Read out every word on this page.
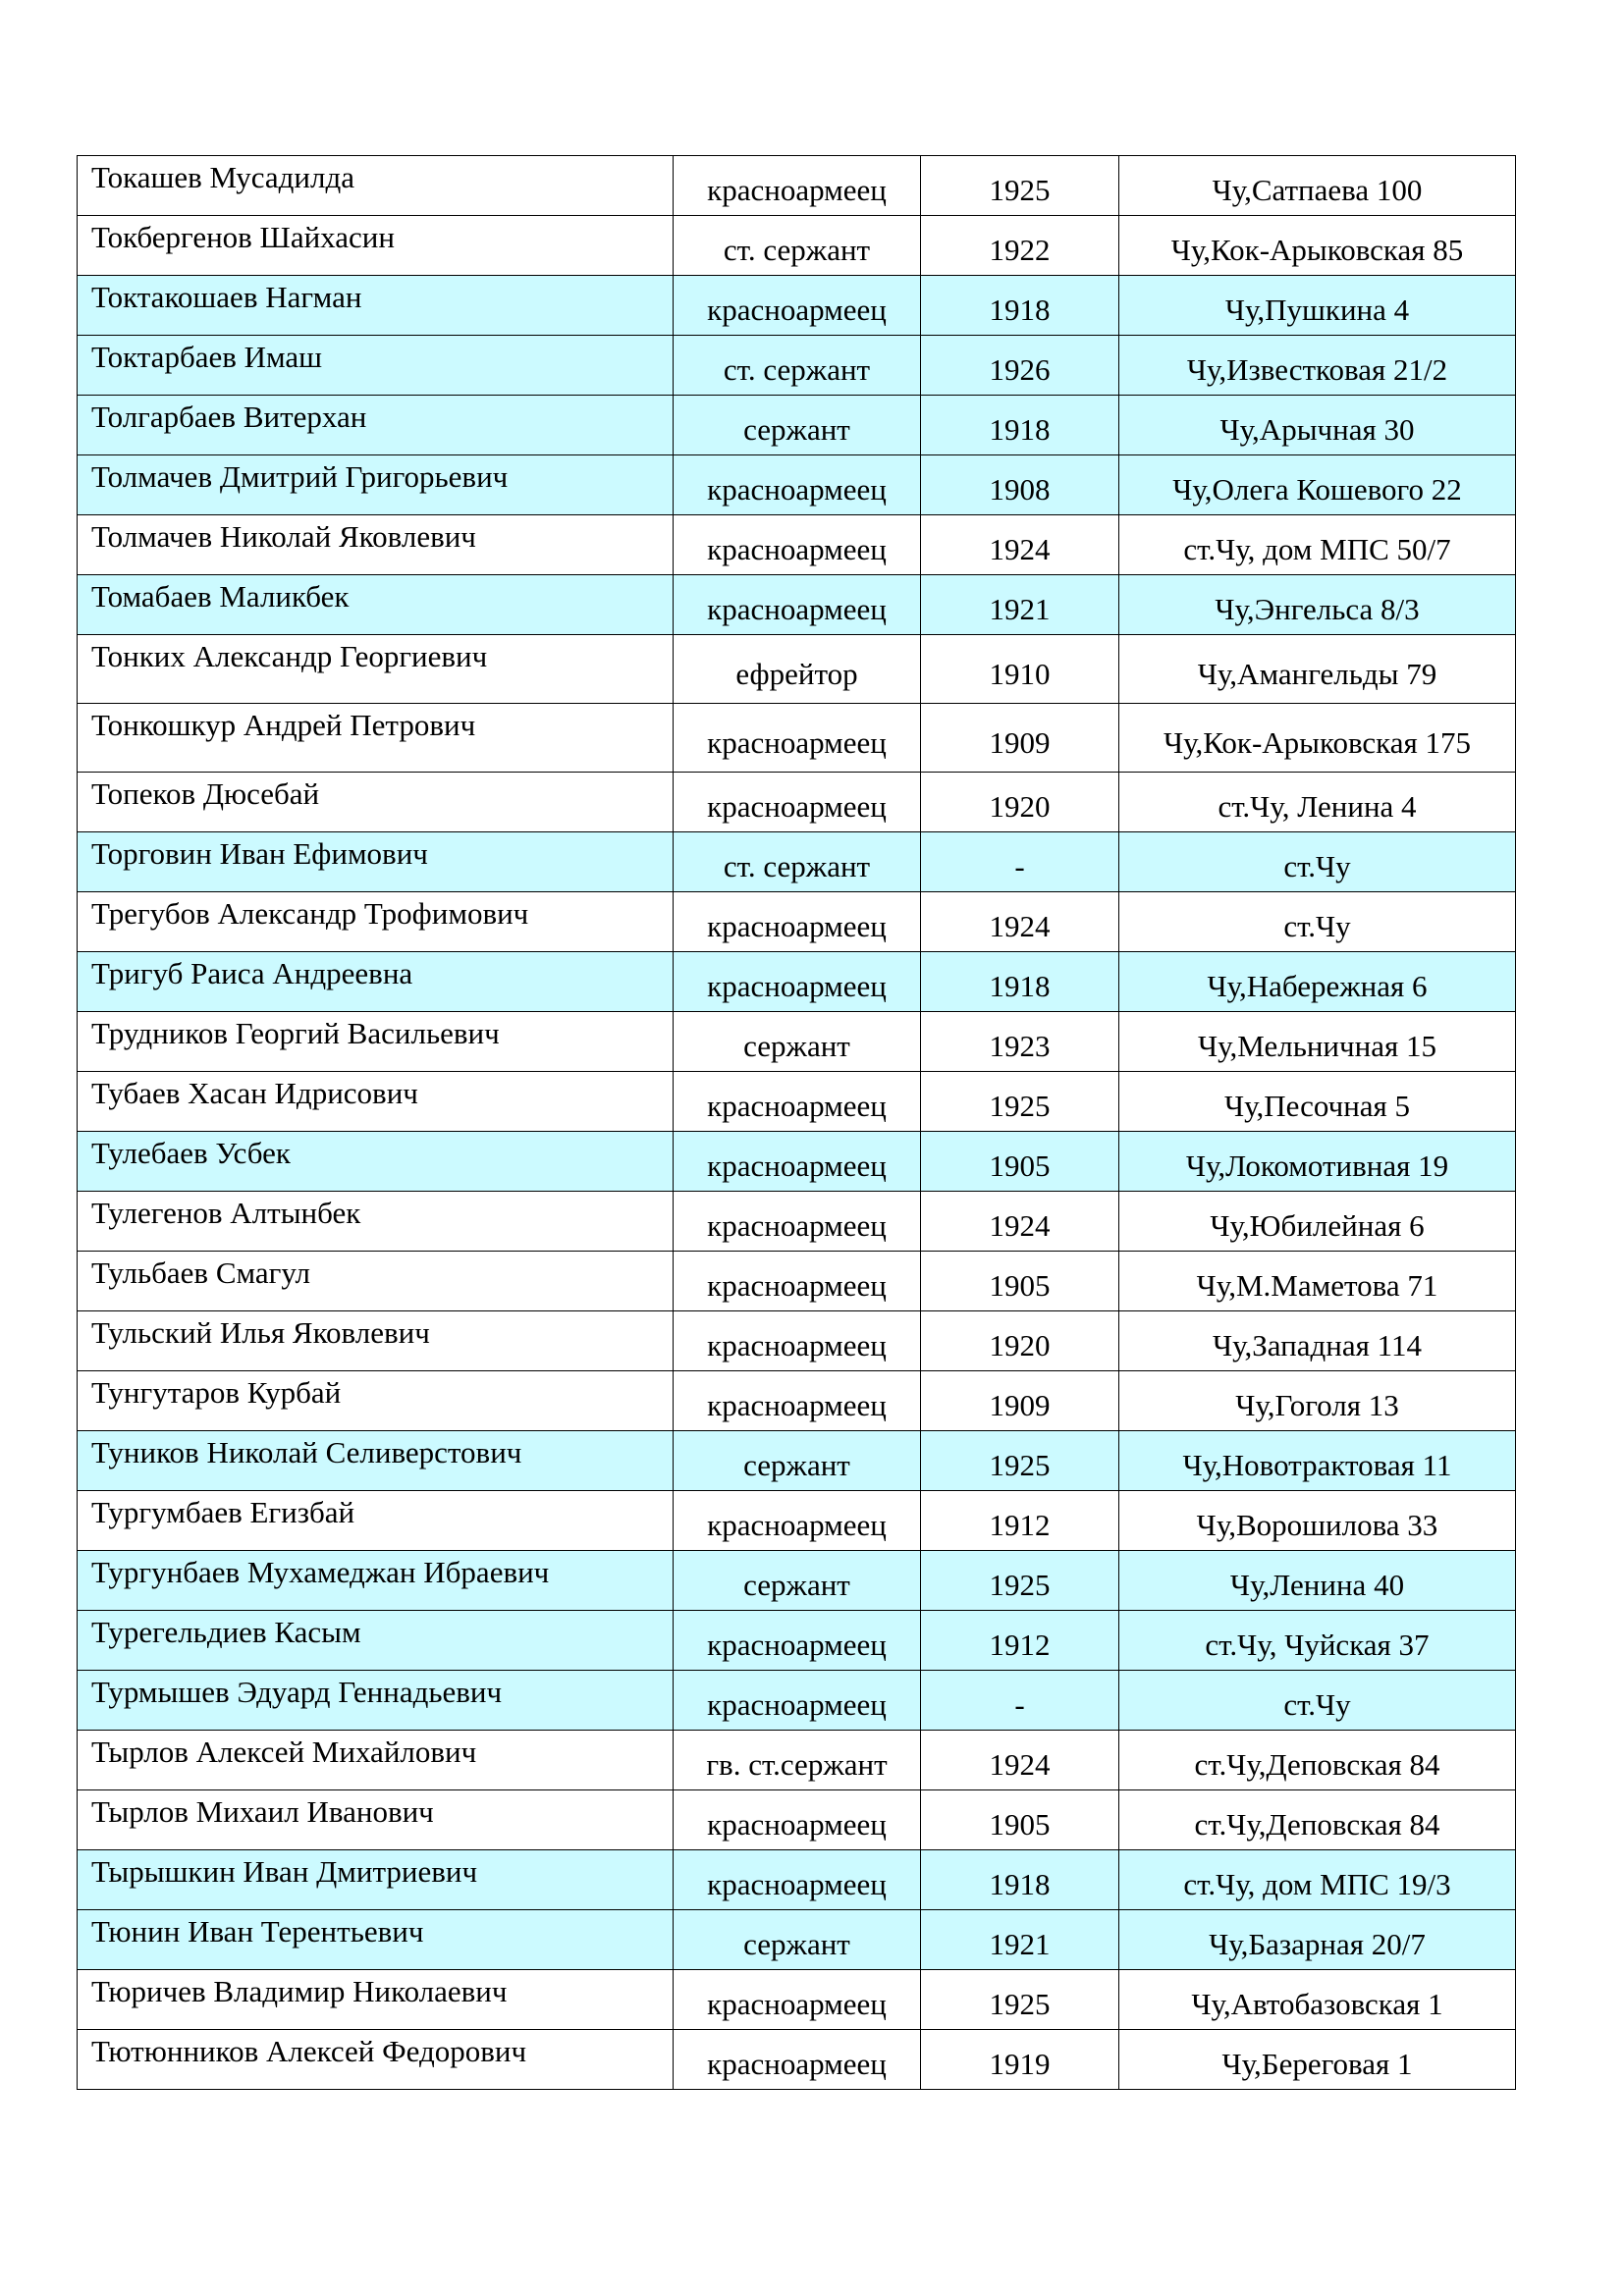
Токашев Мусадилда	красноармеец	1925	Чу,Сатпаева 100
Токбергенов Шайхасин	ст. сержант	1922	Чу,Кок-Арыковская 85
Токтакошаев Нагман	красноармеец	1918	Чу,Пушкина 4
Токтарбаев Имаш	ст. сержант	1926	Чу,Известковая 21/2
Толгарбаев Витерхан	сержант	1918	Чу,Арычная 30
Толмачев Дмитрий Григорьевич	красноармеец	1908	Чу,Олега Кошевого 22
Толмачев Николай Яковлевич	красноармеец	1924	ст.Чу, дом МПС 50/7
Томабаев Маликбек	красноармеец	1921	Чу,Энгельса 8/3
Тонких Александр Георгиевич	ефрейтор	1910	Чу,Амангельды 79
Тонкошкур Андрей Петрович	красноармеец	1909	Чу,Кок-Арыковская 175
Топеков Дюсебай	красноармеец	1920	ст.Чу, Ленина 4
Торговин Иван Ефимович	ст. сержант	-	ст.Чу
Трегубов Александр Трофимович	красноармеец	1924	ст.Чу
Тригуб Раиса Андреевна	красноармеец	1918	Чу,Набережная 6
Трудников Георгий Васильевич	сержант	1923	Чу,Мельничная 15
Тубаев Хасан Идрисович	красноармеец	1925	Чу,Песочная 5
Тулебаев Усбек	красноармеец	1905	Чу,Локомотивная 19
Тулегенов Алтынбек	красноармеец	1924	Чу,Юбилейная 6
Тульбаев Смагул	красноармеец	1905	Чу,М.Маметова 71
Тульский Илья Яковлевич	красноармеец	1920	Чу,Западная 114
Тунгутаров Курбай	красноармеец	1909	Чу,Гоголя 13
Туников Николай Селиверстович	сержант	1925	Чу,Новотрактовая 11
Тургумбаев Егизбай	красноармеец	1912	Чу,Ворошилова 33
Тургунбаев Мухамеджан Ибраевич	сержант	1925	Чу,Ленина 40
Турегельдиев Касым	красноармеец	1912	ст.Чу, Чуйская 37
Турмышев Эдуард Геннадьевич	красноармеец	-	ст.Чу
Тырлов Алексей Михайлович	гв. ст.сержант	1924	ст.Чу,Деповская 84
Тырлов Михаил Иванович	красноармеец	1905	ст.Чу,Деповская 84
Тырышкин Иван Дмитриевич	красноармеец	1918	ст.Чу, дом МПС 19/3
Тюнин Иван Терентьевич	сержант	1921	Чу,Базарная 20/7
Тюричев Владимир Николаевич	красноармеец	1925	Чу,Автобазовская 1
Тютюнников Алексей Федорович	красноармеец	1919	Чу,Береговая 1
